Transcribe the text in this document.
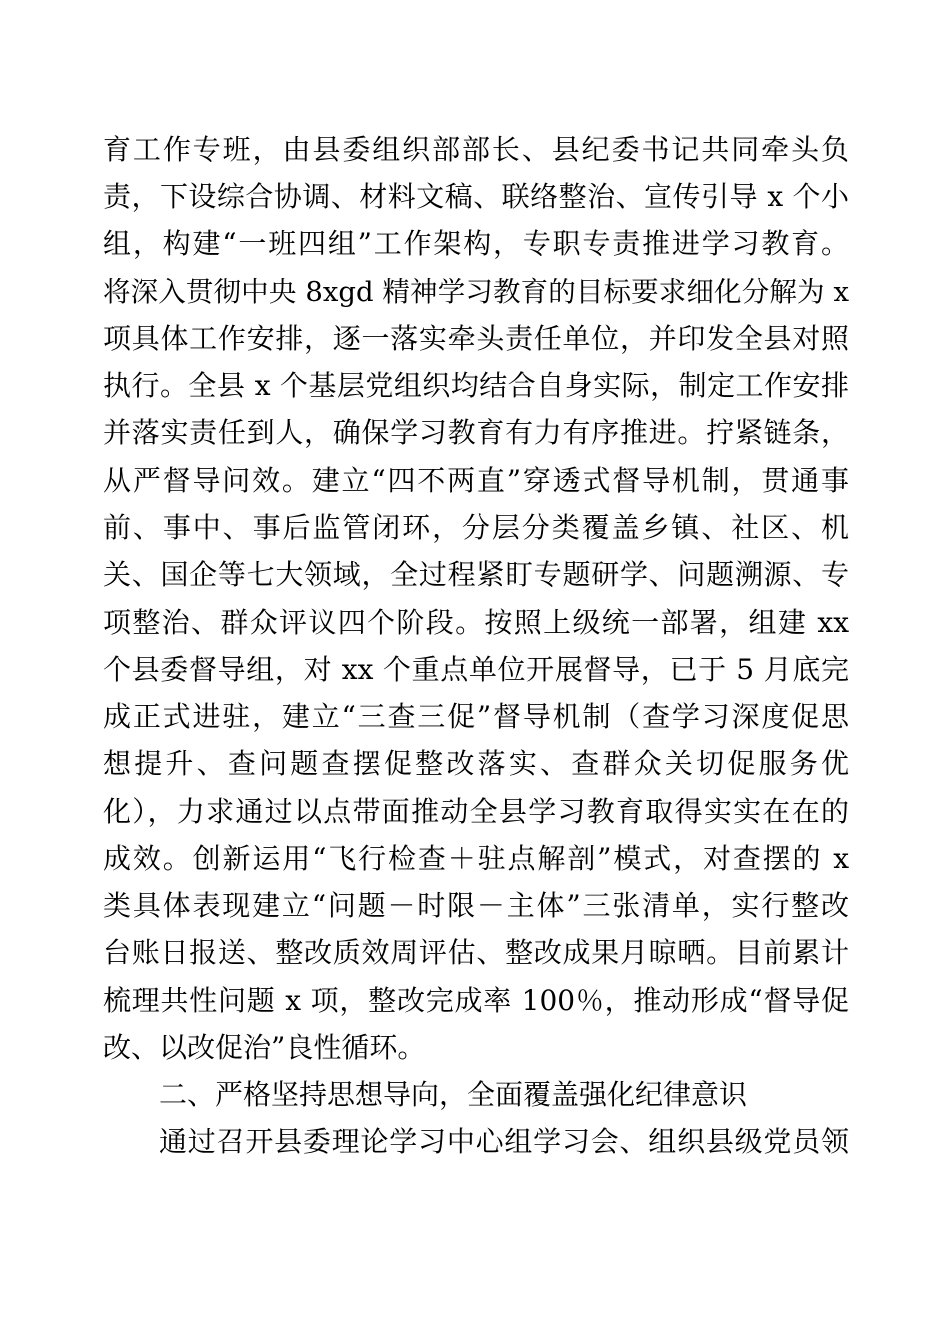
育工作专班，由县委组织部部长、县纪委书记共同牵头负
责，下设综合协调、材料文稿、联络整治、宣传引导 x 个小
组，构建“一班四组”工作架构，专职专责推进学习教育。
将深入贯彻中央 8xgd 精神学习教育的目标要求细化分解为 x
项具体工作安排，逐一落实牵头责任单位，并印发全县对照
执行。全县 x 个基层党组织均结合自身实际，制定工作安排
并落实责任到人，确保学习教育有力有序推进。拧紧链条，
从严督导问效。建立“四不两直”穿透式督导机制，贯通事
前、事中、事后监管闭环，分层分类覆盖乡镇、社区、机
关、国企等七大领域，全过程紧盯专题研学、问题溯源、专
项整治、群众评议四个阶段。按照上级统一部署，组建 xx
个县委督导组，对 xx 个重点单位开展督导，已于 5 月底完
成正式进驻，建立“三查三促”督导机制（查学习深度促思
想提升、查问题查摆促整改落实、查群众关切促服务优
化），力求通过以点带面推动全县学习教育取得实实在在的
成效。创新运用“飞行检查＋驻点解剖”模式，对查摆的 x
类具体表现建立“问题－时限－主体”三张清单，实行整改
台账日报送、整改质效周评估、整改成果月晾晒。目前累计
梳理共性问题 x 项，整改完成率 100％，推动形成“督导促
改、以改促治”良性循环。
二、严格坚持思想导向，全面覆盖强化纪律意识
通过召开县委理论学习中心组学习会、组织县级党员领
